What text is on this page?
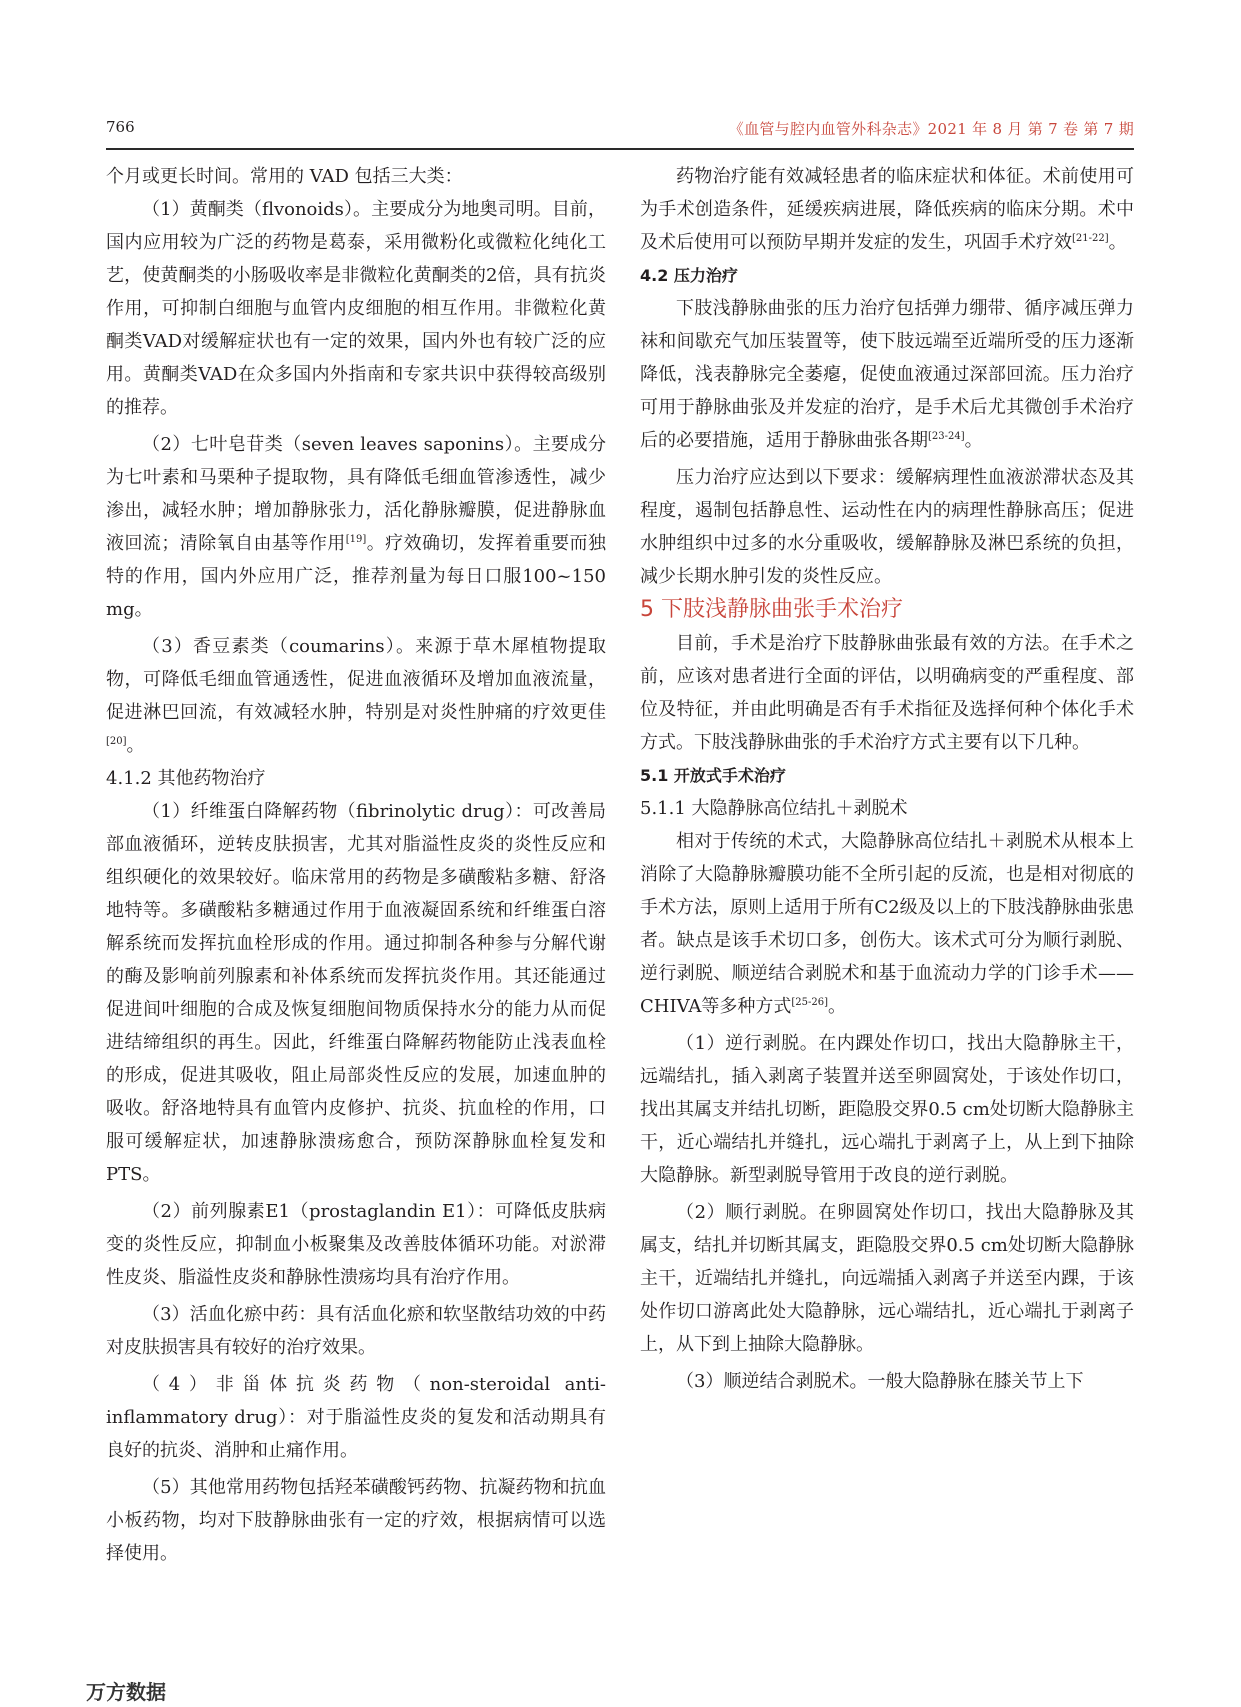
766	《血管与腔内血管外科杂志》2021 年 8 月 第 7 卷 第 7 期

个月或更长时间。常用的 VAD 包括三大类：

（1）黄酮类（flvonoids）。主要成分为地奥司明。目前，国内应用较为广泛的药物是葛泰，采用微粉化或微粒化纯化工艺，使黄酮类的小肠吸收率是非微粒化黄酮类的2倍，具有抗炎作用，可抑制白细胞与血管内皮细胞的相互作用。非微粒化黄酮类VAD对缓解症状也有一定的效果，国内外也有较广泛的应用。黄酮类VAD在众多国内外指南和专家共识中获得较高级别的推荐。

（2）七叶皂苷类（seven leaves saponins）。主要成分为七叶素和马栗种子提取物，具有降低毛细血管渗透性，减少渗出，减轻水肿；增加静脉张力，活化静脉瓣膜，促进静脉血液回流；清除氧自由基等作用[19]。疗效确切，发挥着重要而独特的作用，国内外应用广泛，推荐剂量为每日口服100~150 mg。

（3）香豆素类（coumarins）。来源于草木犀植物提取物，可降低毛细血管通透性，促进血液循环及增加血液流量，促进淋巴回流，有效减轻水肿，特别是对炎性肿痛的疗效更佳[20]。

4.1.2 其他药物治疗

（1）纤维蛋白降解药物（fibrinolytic drug）：可改善局部血液循环，逆转皮肤损害，尤其对脂溢性皮炎的炎性反应和组织硬化的效果较好。临床常用的药物是多磺酸粘多糖、舒洛地特等。多磺酸粘多糖通过作用于血液凝固系统和纤维蛋白溶解系统而发挥抗血栓形成的作用。通过抑制各种参与分解代谢的酶及影响前列腺素和补体系统而发挥抗炎作用。其还能通过促进间叶细胞的合成及恢复细胞间物质保持水分的能力从而促进结缔组织的再生。因此，纤维蛋白降解药物能防止浅表血栓的形成，促进其吸收，阻止局部炎性反应的发展，加速血肿的吸收。舒洛地特具有血管内皮修护、抗炎、抗血栓的作用，口服可缓解症状，加速静脉溃疡愈合，预防深静脉血栓复发和PTS。

（2）前列腺素E1（prostaglandin E1）：可降低皮肤病变的炎性反应，抑制血小板聚集及改善肢体循环功能。对淤滞性皮炎、脂溢性皮炎和静脉性溃疡均具有治疗作用。

（3）活血化瘀中药：具有活血化瘀和软坚散结功效的中药对皮肤损害具有较好的治疗效果。

（4）非甾体抗炎药物（non-steroidal anti-inflammatory drug）：对于脂溢性皮炎的复发和活动期具有良好的抗炎、消肿和止痛作用。

（5）其他常用药物包括羟苯磺酸钙药物、抗凝药物和抗血小板药物，均对下肢静脉曲张有一定的疗效，根据病情可以选择使用。

药物治疗能有效减轻患者的临床症状和体征。术前使用可为手术创造条件，延缓疾病进展，降低疾病的临床分期。术中及术后使用可以预防早期并发症的发生，巩固手术疗效[21-22]。

4.2 压力治疗

下肢浅静脉曲张的压力治疗包括弹力绷带、循序减压弹力袜和间歇充气加压装置等，使下肢远端至近端所受的压力逐渐降低，浅表静脉完全萎瘪，促使血液通过深部回流。压力治疗可用于静脉曲张及并发症的治疗，是手术后尤其微创手术治疗后的必要措施，适用于静脉曲张各期[23-24]。

压力治疗应达到以下要求：缓解病理性血液淤滞状态及其程度，遏制包括静息性、运动性在内的病理性静脉高压；促进水肿组织中过多的水分重吸收，缓解静脉及淋巴系统的负担，减少长期水肿引发的炎性反应。

5 下肢浅静脉曲张手术治疗

目前，手术是治疗下肢静脉曲张最有效的方法。在手术之前，应该对患者进行全面的评估，以明确病变的严重程度、部位及特征，并由此明确是否有手术指征及选择何种个体化手术方式。下肢浅静脉曲张的手术治疗方式主要有以下几种。

5.1 开放式手术治疗

5.1.1 大隐静脉高位结扎＋剥脱术

相对于传统的术式，大隐静脉高位结扎＋剥脱术从根本上消除了大隐静脉瓣膜功能不全所引起的反流，也是相对彻底的手术方法，原则上适用于所有C2级及以上的下肢浅静脉曲张患者。缺点是该手术切口多，创伤大。该术式可分为顺行剥脱、逆行剥脱、顺逆结合剥脱术和基于血流动力学的门诊手术——CHIVA等多种方式[25-26]。

（1）逆行剥脱。在内踝处作切口，找出大隐静脉主干，远端结扎，插入剥离子装置并送至卵圆窝处，于该处作切口，找出其属支并结扎切断，距隐股交界0.5 cm处切断大隐静脉主干，近心端结扎并缝扎，远心端扎于剥离子上，从上到下抽除大隐静脉。新型剥脱导管用于改良的逆行剥脱。

（2）顺行剥脱。在卵圆窝处作切口，找出大隐静脉及其属支，结扎并切断其属支，距隐股交界0.5 cm处切断大隐静脉主干，近端结扎并缝扎，向远端插入剥离子并送至内踝，于该处作切口游离此处大隐静脉，远心端结扎，近心端扎于剥离子上，从下到上抽除大隐静脉。

（3）顺逆结合剥脱术。一般大隐静脉在膝关节上下

万方数据
